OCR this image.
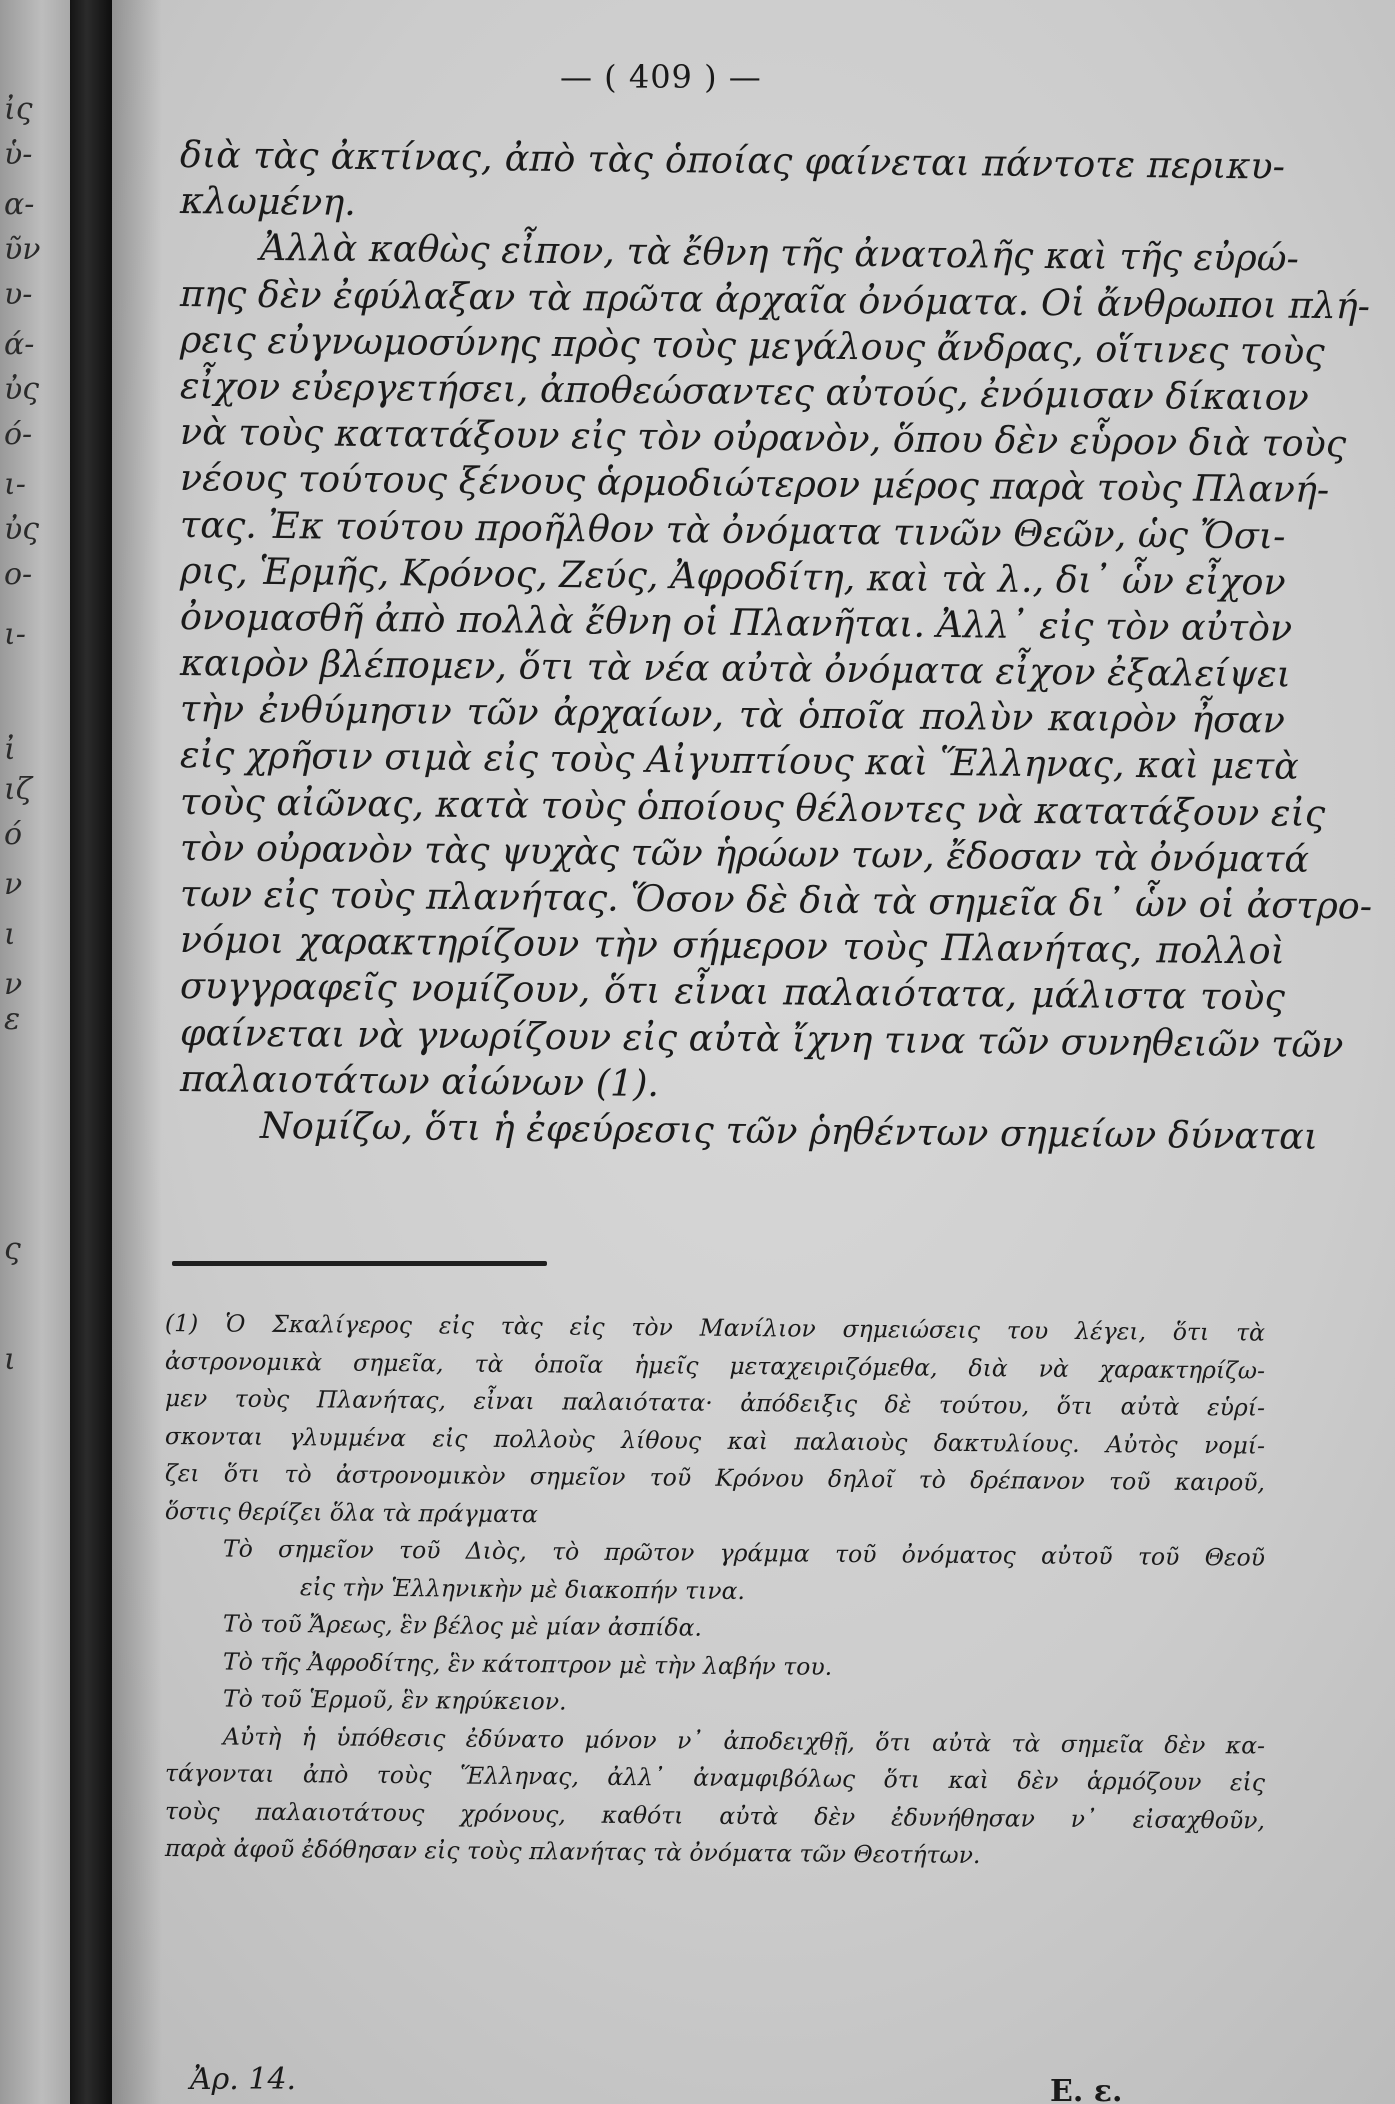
ἰς
ὑ-
α-
ῦν
υ-
ά-
ὐς
ό-
ι-
ὐς
ο-
ι-
ἰ
ιζ
ό
ν
ι
ν
ε
ς
ι
— ( 409 ) —
διὰ τὰς ἀκτίνας, ἀπὸ τὰς ὁποίας φαίνεται πάντοτε περικυ-
κλωμένη.
Ἀλλὰ καθὼς εἶπον, τὰ ἔθνη τῆς ἀνατολῆς καὶ τῆς εὐρώ-
πης δὲν ἐφύλαξαν τὰ πρῶτα ἀρχαῖα ὀνόματα. Οἱ ἄνθρωποι πλή-
ρεις εὐγνωμοσύνης πρὸς τοὺς μεγάλους ἄνδρας, οἵτινες τοὺς
εἶχον εὐεργετήσει, ἀποθεώσαντες αὐτούς, ἐνόμισαν δίκαιον
νὰ τοὺς κατατάξουν εἰς τὸν οὐρανὸν, ὅπου δὲν εὗρον διὰ τοὺς
νέους τούτους ξένους ἁρμοδιώτερον μέρος παρὰ τοὺς Πλανή-
τας. Ἐκ τούτου προῆλθον τὰ ὀνόματα τινῶν Θεῶν, ὡς Ὄσι-
ρις, Ἑρμῆς, Κρόνος, Ζεύς, Ἀφροδίτη, καὶ τὰ λ., δι᾽ ὧν εἶχον
ὀνομασθῆ ἀπὸ πολλὰ ἔθνη οἱ Πλανῆται. Ἀλλ᾽ εἰς τὸν αὐτὸν
καιρὸν βλέπομεν, ὅτι τὰ νέα αὐτὰ ὀνόματα εἶχον ἐξαλείψει
τὴν ἐνθύμησιν τῶν ἀρχαίων, τὰ ὁποῖα πολὺν καιρὸν ἦσαν
εἰς χρῆσιν σιμὰ εἰς τοὺς Αἰγυπτίους καὶ Ἕλληνας, καὶ μετὰ
τοὺς αἰῶνας, κατὰ τοὺς ὁποίους θέλοντες νὰ κατατάξουν εἰς
τὸν οὐρανὸν τὰς ψυχὰς τῶν ἡρώων των, ἔδοσαν τὰ ὀνόματά
των εἰς τοὺς πλανήτας. Ὅσον δὲ διὰ τὰ σημεῖα δι᾽ ὧν οἱ ἀστρο-
νόμοι χαρακτηρίζουν τὴν σήμερον τοὺς Πλανήτας, πολλοὶ
συγγραφεῖς νομίζουν, ὅτι εἶναι παλαιότατα, μάλιστα τοὺς
φαίνεται νὰ γνωρίζουν εἰς αὐτὰ ἴχνη τινα τῶν συνηθειῶν τῶν
παλαιοτάτων αἰώνων (1).
Νομίζω, ὅτι ἡ ἐφεύρεσις τῶν ῥηθέντων σημείων δύναται
(1) Ὁ Σκαλίγερος εἰς τὰς εἰς τὸν Μανίλιον σημειώσεις του λέγει, ὅτι τὰ
ἀστρονομικὰ σημεῖα, τὰ ὁποῖα ἡμεῖς μεταχειριζόμεθα, διὰ νὰ χαρακτηρίζω-
μεν τοὺς Πλανήτας, εἶναι παλαιότατα· ἀπόδειξις δὲ τούτου, ὅτι αὐτὰ εὑρί-
σκονται γλυμμένα εἰς πολλοὺς λίθους καὶ παλαιοὺς δακτυλίους. Αὐτὸς νομί-
ζει ὅτι τὸ ἀστρονομικὸν σημεῖον τοῦ Κρόνου δηλοῖ τὸ δρέπανον τοῦ καιροῦ,
ὅστις θερίζει ὅλα τὰ πράγματα
Τὸ σημεῖον τοῦ Διὸς, τὸ πρῶτον γράμμα τοῦ ὀνόματος αὐτοῦ τοῦ Θεοῦ
εἰς τὴν Ἑλληνικὴν μὲ διακοπήν τινα.
Τὸ τοῦ Ἄρεως, ἓν βέλος μὲ μίαν ἀσπίδα.
Τὸ τῆς Ἀφροδίτης, ἓν κάτοπτρον μὲ τὴν λαβήν του.
Τὸ τοῦ Ἑρμοῦ, ἓν κηρύκειον.
Αὐτὴ ἡ ὑπόθεσις ἐδύνατο μόνον ν᾽ ἀποδειχθῇ, ὅτι αὐτὰ τὰ σημεῖα δὲν κα-
τάγονται ἀπὸ τοὺς Ἕλληνας, ἀλλ᾽ ἀναμφιβόλως ὅτι καὶ δὲν ἁρμόζουν εἰς
τοὺς παλαιοτάτους χρόνους, καθότι αὐτὰ δὲν ἐδυνήθησαν ν᾽ εἰσαχθοῦν,
παρὰ ἀφοῦ ἐδόθησαν εἰς τοὺς πλανήτας τὰ ὀνόματα τῶν Θεοτήτων.
Ἀρ. 14.	Ε. ε.
